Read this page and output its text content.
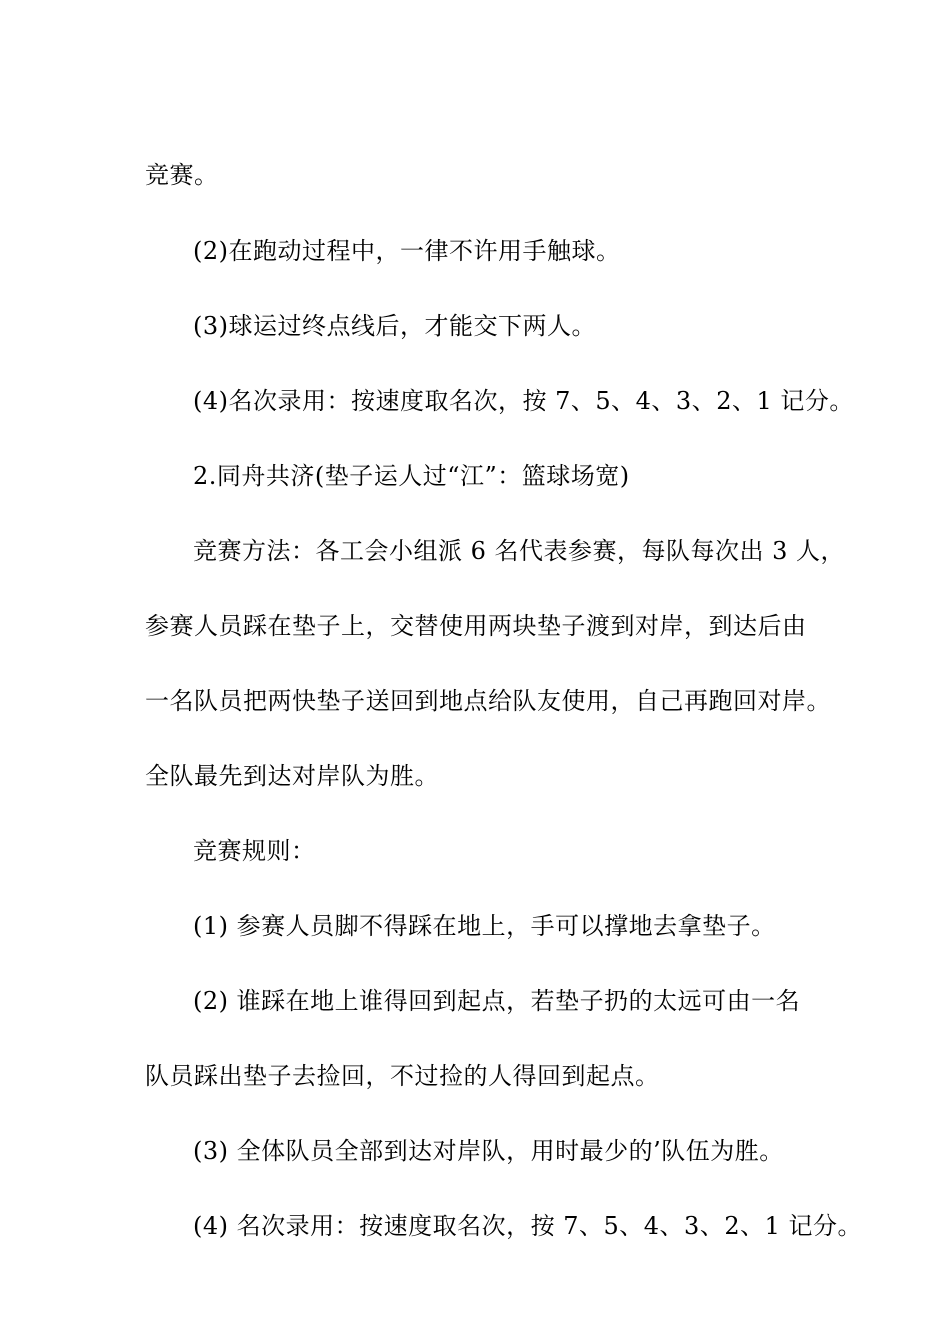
竞赛。

(2)在跑动过程中，一律不许用手触球。

(3)球运过终点线后，才能交下两人。

(4)名次录用：按速度取名次，按 7、5、4、3、2、1 记分。

2.同舟共济(垫子运人过“江”：篮球场宽)

竞赛方法：各工会小组派 6 名代表参赛，每队每次出 3 人，

参赛人员踩在垫子上，交替使用两块垫子渡到对岸，到达后由

一名队员把两快垫子送回到地点给队友使用，自己再跑回对岸。

全队最先到达对岸队为胜。

竞赛规则：

(1) 参赛人员脚不得踩在地上，手可以撑地去拿垫子。

(2) 谁踩在地上谁得回到起点，若垫子扔的太远可由一名

队员踩出垫子去捡回，不过捡的人得回到起点。

(3) 全体队员全部到达对岸队，用时最少的’队伍为胜。

(4) 名次录用：按速度取名次，按 7、5、4、3、2、1 记分。
